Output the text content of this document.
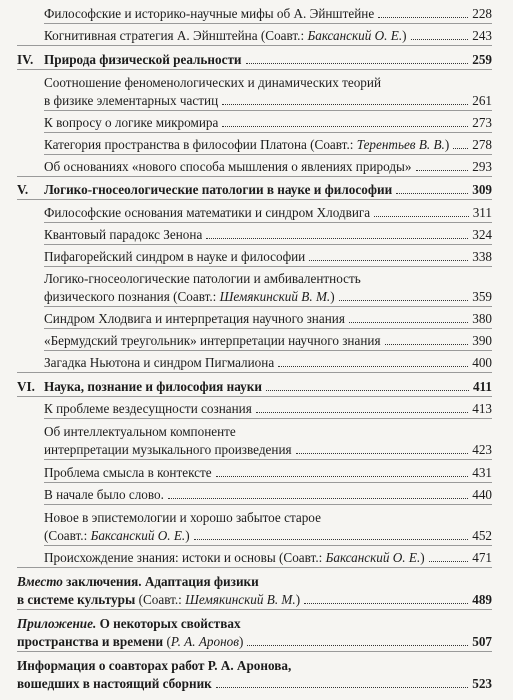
Философские и историко-научные мифы об А. Эйнштейне	228
Когнитивная стратегия А. Эйнштейна (Соавт.: Баксанский О. Е.)	243
IV. Природа физической реальности	259
Соотношение феноменологических и динамических теорий
в физике элементарных частиц	261
К вопросу о логике микромира	273
Категория пространства в философии Платона (Соавт.: Терентьев В. В.) 278
Об основаниях «нового способа мышления о явлениях природы»	293
V. Логико-гносеологические патологии в науке и философии	309
Философские основания математики и синдром Хлодвига	311
Квантовый парадокс Зенона	324
Пифагорейский синдром в науке и философии	338
Логико-гносеологические патологии и амбивалентность
физического познания (Соавт.: Шемякинский В. М.)	359
Синдром Хлодвига и интерпретация научного знания	380
«Бермудский треугольник» интерпретации научного знания	390
Загадка Ньютона и синдром Пигмалиона	400
VI. Наука, познание и философия науки	411
К проблеме вездесущности сознания	413
Об интеллектуальном компоненте
интерпретации музыкального произведения	423
Проблема смысла в контексте	431
В начале было слово.	440
Новое в эпистемологии и хорошо забытое старое
(Соавт.: Баксанский О. Е.)	452
Происхождение знания: истоки и основы (Соавт.: Баксанский О. Е.)	471
Вместо заключения. Адаптация физики
в системе культуры (Соавт.: Шемякинский В. М.)	489
Приложение. О некоторых свойствах
пространства и времени (Р. А. Аронов)	507
Информация о соавторах работ Р. А. Аронова,
вошедших в настоящий сборник	523
